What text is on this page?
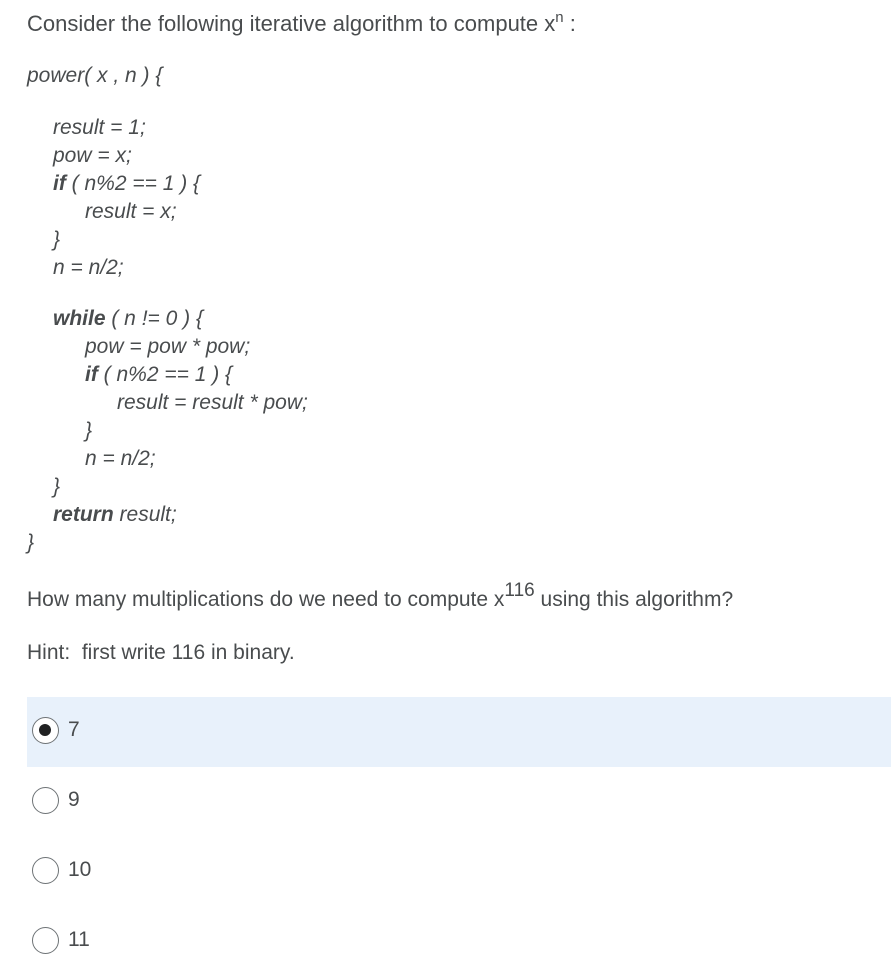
Consider the following iterative algorithm to compute $x^n$ :
power( x , n ) {
result = 1;
pow = x;
if ( n%2 == 1 ) {
result = x;
}
n = n/2;
while ( n != 0 ) {
pow = pow * pow;
if ( n%2 == 1 ) {
result = result * pow;
}
n = n/2;
}
return result;
}
How many multiplications do we need to compute $x^{116}$ using this algorithm?
Hint:  first write 116 in binary.
7
9
10
11
